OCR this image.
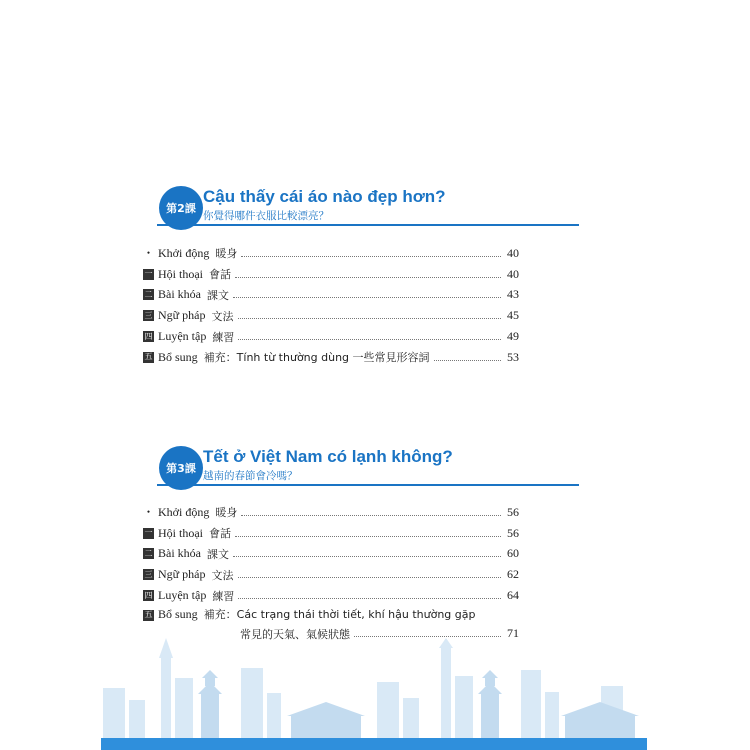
第2課
Cậu thấy cái áo nào đẹp hơn?
你覺得哪件衣服比較漂亮？
・ Khởi động 暖身	40
一 Hội thoại 會話	40
二 Bài khóa 課文	43
三 Ngữ pháp 文法	45
四 Luyện tập 練習	49
五 Bổ sung 補充：Tính từ thường dùng 一些常見形容詞	53
第3課
Tết ở Việt Nam có lạnh không?
越南的春節會冷嗎？
・ Khởi động 暖身	56
一 Hội thoại 會話	56
二 Bài khóa 課文	60
三 Ngữ pháp 文法	62
四 Luyện tập 練習	64
五 Bổ sung 補充：Các trạng thái thời tiết, khí hậu thường gặp
常見的天氣、氣候狀態	71
